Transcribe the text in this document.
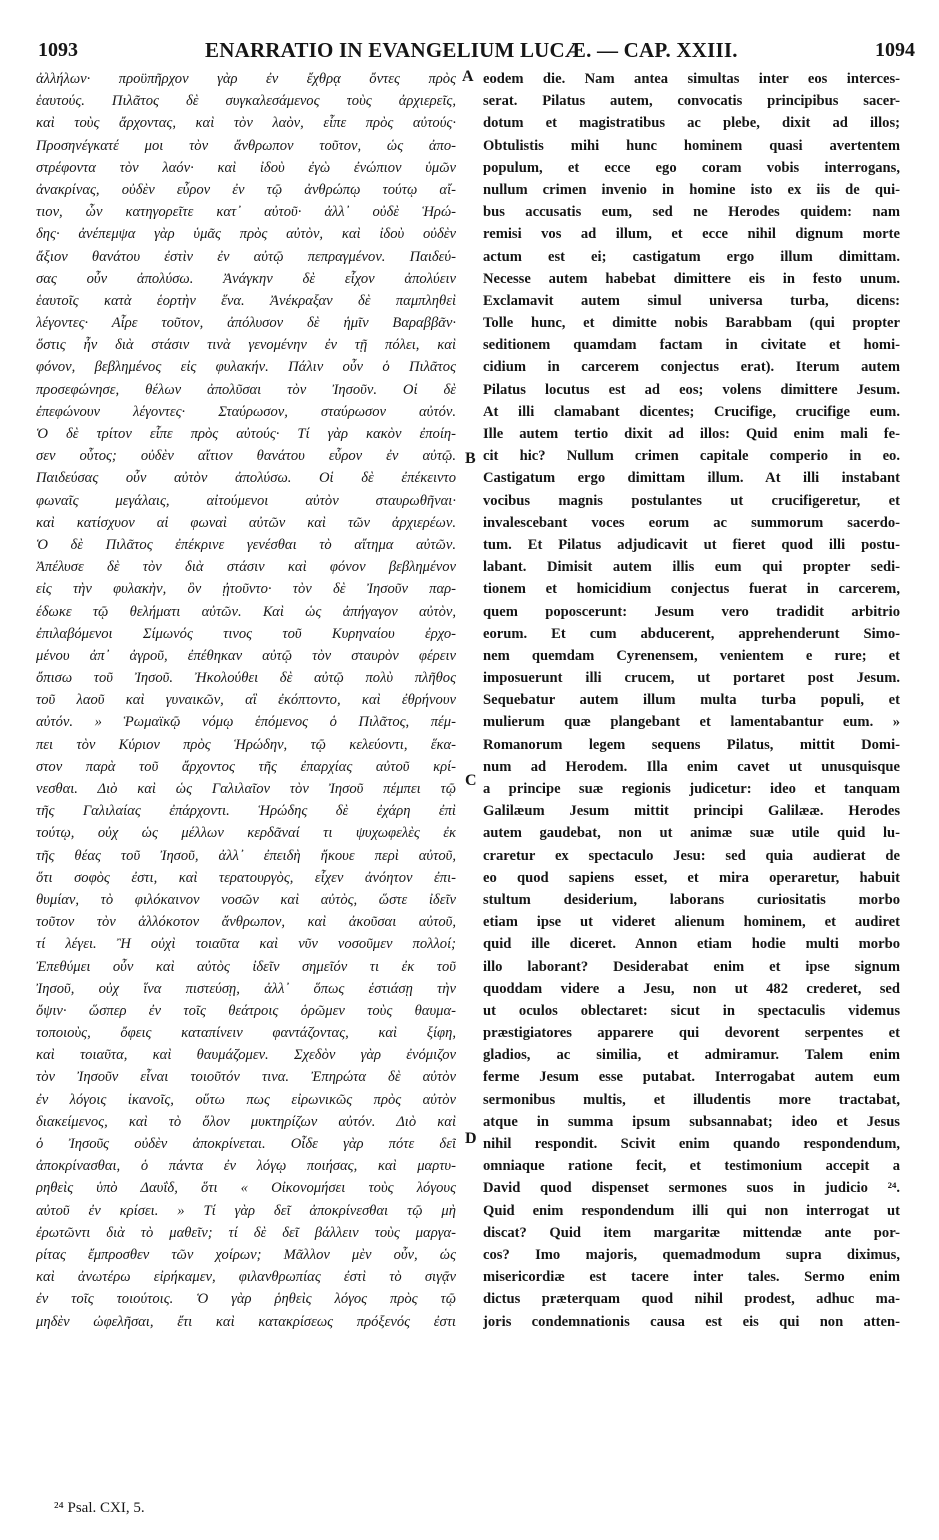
1093	ENARRATIO IN EVANGELIUM LUCÆ. — CAP. XXIII.	1094
ἀλλήλων· προϋπῆρχον γὰρ ἐν ἔχθρᾳ ὄντες πρὸς
ἑαυτούς. Πιλᾶτος δὲ συγκαλεσάμενος τοὺς ἀρχιερεῖς,
καὶ τοὺς ἄρχοντας, καὶ τὸν λαὸν, εἶπε πρὸς αὐτούς·
Προσηνέγκατέ μοι τὸν ἄνθρωπον τοῦτον, ὡς ἀπο-
στρέφοντα τὸν λαόν· καὶ ἰδοὺ ἐγὼ ἐνώπιον ὑμῶν
ἀνακρίνας, οὐδὲν εὗρον ἐν τῷ ἀνθρώπῳ τούτῳ αἴ-
τιον, ὧν κατηγορεῖτε κατ᾽ αὐτοῦ· ἀλλ᾽ οὐδὲ Ἡρώ-
δης· ἀνέπεμψα γὰρ ὑμᾶς πρὸς αὐτὸν, καὶ ἰδοὺ οὐδὲν
ἄξιον θανάτου ἐστὶν ἐν αὐτῷ πεπραγμένον. Παιδεύ-
σας οὖν ἀπολύσω. Ἀνάγκην δὲ εἶχον ἀπολύειν
ἑαυτοῖς κατὰ ἑορτὴν ἕνα. Ἀνέκραξαν δὲ παμπληθεὶ
λέγοντες· Αἶρε τοῦτον, ἀπόλυσον δὲ ἡμῖν Βαραββᾶν·
ὅστις ἦν διὰ στάσιν τινὰ γενομένην ἐν τῇ πόλει, καὶ
φόνον, βεβλημένος εἰς φυλακήν. Πάλιν οὖν ὁ Πιλᾶτος
προσεφώνησε, θέλων ἀπολῦσαι τὸν Ἰησοῦν. Οἱ δὲ
ἐπεφώνουν λέγοντες· Σταύρωσον, σταύρωσον αὐτόν.
Ὁ δὲ τρίτον εἶπε πρὸς αὐτούς· Τί γὰρ κακὸν ἐποίη-
σεν οὗτος; οὐδὲν αἴτιον θανάτου εὗρον ἐν αὐτῷ.
Παιδεύσας οὖν αὐτὸν ἀπολύσω. Οἱ δὲ ἐπέκειντο
φωναῖς μεγάλαις, αἰτούμενοι αὐτὸν σταυρωθῆναι·
καὶ κατίσχυον αἱ φωναὶ αὐτῶν καὶ τῶν ἀρχιερέων.
Ὁ δὲ Πιλᾶτος ἐπέκρινε γενέσθαι τὸ αἴτημα αὐτῶν.
Ἀπέλυσε δὲ τὸν διὰ στάσιν καὶ φόνον βεβλημένον
εἰς τὴν φυλακὴν, ὃν ᾐτοῦντο· τὸν δὲ Ἰησοῦν παρ-
έδωκε τῷ θελήματι αὐτῶν. Καὶ ὡς ἀπήγαγον αὐτὸν,
ἐπιλαβόμενοι Σίμωνός τινος τοῦ Κυρηναίου ἐρχο-
μένου ἀπ᾽ ἀγροῦ, ἐπέθηκαν αὐτῷ τὸν σταυρὸν φέρειν
ὄπισω τοῦ Ἰησοῦ. Ἠκολούθει δὲ αὐτῷ πολὺ πλῆθος
τοῦ λαοῦ καὶ γυναικῶν, αἳ ἐκόπτοντο, καὶ ἐθρήνουν
αὐτόν. » Ῥωμαϊκῷ νόμῳ ἑπόμενος ὁ Πιλᾶτος, πέμ-
πει τὸν Κύριον πρὸς Ἡρώδην, τῷ κελεύοντι, ἕκα-
στον παρὰ τοῦ ἄρχοντος τῆς ἐπαρχίας αὐτοῦ κρί-
νεσθαι. Διὸ καὶ ὡς Γαλιλαῖον τὸν Ἰησοῦ πέμπει τῷ
τῆς Γαλιλαίας ἐπάρχοντι. Ἡρώδης δὲ ἐχάρη ἐπὶ
τούτῳ, οὐχ ὡς μέλλων κερδᾶναί τι ψυχωφελὲς ἐκ
τῆς θέας τοῦ Ἰησοῦ, ἀλλ᾽ ἐπειδὴ ἤκουε περὶ αὐτοῦ,
ὅτι σοφὸς ἐστι, καὶ τερατουργὸς, εἶχεν ἀνόητον ἐπι-
θυμίαν, τὸ φιλόκαινον νοσῶν καὶ αὐτὸς, ὥστε ἰδεῖν
τοῦτον τὸν ἀλλόκοτον ἄνθρωπον, καὶ ἀκοῦσαι αὐτοῦ,
τί λέγει. Ἢ οὐχὶ τοιαῦτα καὶ νῦν νοσοῦμεν πολλοί;
Ἐπεθύμει οὖν καὶ αὐτὸς ἰδεῖν σημεῖόν τι ἐκ τοῦ
Ἰησοῦ, οὐχ ἵνα πιστεύσῃ, ἀλλ᾽ ὅπως ἑστιάσῃ τὴν
ὄψιν· ὥσπερ ἐν τοῖς θεάτροις ὁρῶμεν τοὺς θαυμα-
τοποιοὺς, ὄφεις καταπίνειν φαντάζοντας, καὶ ξίφη,
καὶ τοιαῦτα, καὶ θαυμάζομεν. Σχεδὸν γὰρ ἐνόμιζον
τὸν Ἰησοῦν εἶναι τοιοῦτόν τινα. Ἐπηρώτα δὲ αὐτὸν
ἐν λόγοις ἱκανοῖς, οὕτω πως εἰρωνικῶς πρὸς αὐτὸν
διακείμενος, καὶ τὸ ὅλον μυκτηρίζων αὐτόν. Διὸ καὶ
ὁ Ἰησοῦς οὐδὲν ἀποκρίνεται. Οἶδε γὰρ πότε δεῖ
ἀποκρίνασθαι, ὁ πάντα ἐν λόγῳ ποιήσας, καὶ μαρτυ-
ρηθεὶς ὑπὸ Δαυΐδ, ὅτι « Οἰκονομήσει τοὺς λόγους
αὐτοῦ ἐν κρίσει. » Τί γὰρ δεῖ ἀποκρίνεσθαι τῷ μὴ
ἐρωτῶντι διὰ τὸ μαθεῖν; τί δὲ δεῖ βάλλειν τοὺς μαργα-
ρίτας ἔμπροσθεν τῶν χοίρων; Μᾶλλον μὲν οὖν, ὡς
καὶ ἀνωτέρω εἰρήκαμεν, φιλανθρωπίας ἐστὶ τὸ σιγᾷν
ἐν τοῖς τοιούτοις. Ὁ γὰρ ῥηθεὶς λόγος πρὸς τῷ
μηδὲν ὠφελῆσαι, ἔτι καὶ κατακρίσεως πρόξενός ἐστι
eodem die. Nam antea simultas inter eos interces-
serat. Pilatus autem, convocatis principibus sacer-
dotum et magistratibus ac plebe, dixit ad illos;
Obtulistis mihi hunc hominem quasi avertentem
populum, et ecce ego coram vobis interrogans,
nullum crimen invenio in homine isto ex iis de qui-
bus accusatis eum, sed ne Herodes quidem: nam
remisi vos ad illum, et ecce nihil dignum morte
actum est ei; castigatum ergo illum dimittam.
Necesse autem habebat dimittere eis in festo unum.
Exclamavit autem simul universa turba, dicens:
Tolle hunc, et dimitte nobis Barabbam (qui propter
seditionem quamdam factam in civitate et homi-
cidium in carcerem conjectus erat). Iterum autem
Pilatus locutus est ad eos; volens dimittere Jesum.
At illi clamabant dicentes; Crucifige, crucifige eum.
Ille autem tertio dixit ad illos: Quid enim mali fe-
cit hic? Nullum crimen capitale comperio in eo.
Castigatum ergo dimittam illum. At illi instabant
vocibus magnis postulantes ut crucifigeretur, et
invalescebant voces eorum ac summorum sacerdo-
tum. Et Pilatus adjudicavit ut fieret quod illi postu-
labant. Dimisit autem illis eum qui propter sedi-
tionem et homicidium conjectus fuerat in carcerem,
quem poposcerunt: Jesum vero tradidit arbitrio
eorum. Et cum abducerent, apprehenderunt Simo-
nem quemdam Cyrenensem, venientem e rure; et
imposuerunt illi crucem, ut portaret post Jesum.
Sequebatur autem illum multa turba populi, et
mulierum quæ plangebant et lamentabantur eum. »
Romanorum legem sequens Pilatus, mittit Domi-
num ad Herodem. Illa enim cavet ut unusquisque
a principe suæ regionis judicetur: ideo et tanquam
Galilæum Jesum mittit principi Galilææ. Herodes
autem gaudebat, non ut animæ suæ utile quid lu-
craretur ex spectaculo Jesu: sed quia audierat de
eo quod sapiens esset, et mira operaretur, habuit
stultum desiderium, laborans curiositatis morbo
etiam ipse ut videret alienum hominem, et audiret
quid ille diceret. Annon etiam hodie multi morbo
illo laborant? Desiderabat enim et ipse signum
quoddam videre a Jesu, non ut 482 crederet, sed
ut oculos oblectaret: sicut in spectaculis videmus
præstigiatores apparere qui devorent serpentes et
gladios, ac similia, et admiramur. Talem enim
ferme Jesum esse putabat. Interrogabat autem eum
sermonibus multis, et illudentis more tractabat,
atque in summa ipsum subsannabat; ideo et Jesus
nihil respondit. Scivit enim quando respondendum,
omniaque ratione fecit, et testimonium accepit a
David quod dispenset sermones suos in judicio ²⁴.
Quid enim respondendum illi qui non interrogat ut
discat? Quid item margaritæ mittendæ ante por-
cos? Imo majoris, quemadmodum supra diximus,
misericordiæ est tacere inter tales. Sermo enim
dictus præterquam quod nihil prodest, adhuc ma-
joris condemnationis causa est eis qui non atten-
A
B
C
D
²⁴ Psal. CXI, 5.
